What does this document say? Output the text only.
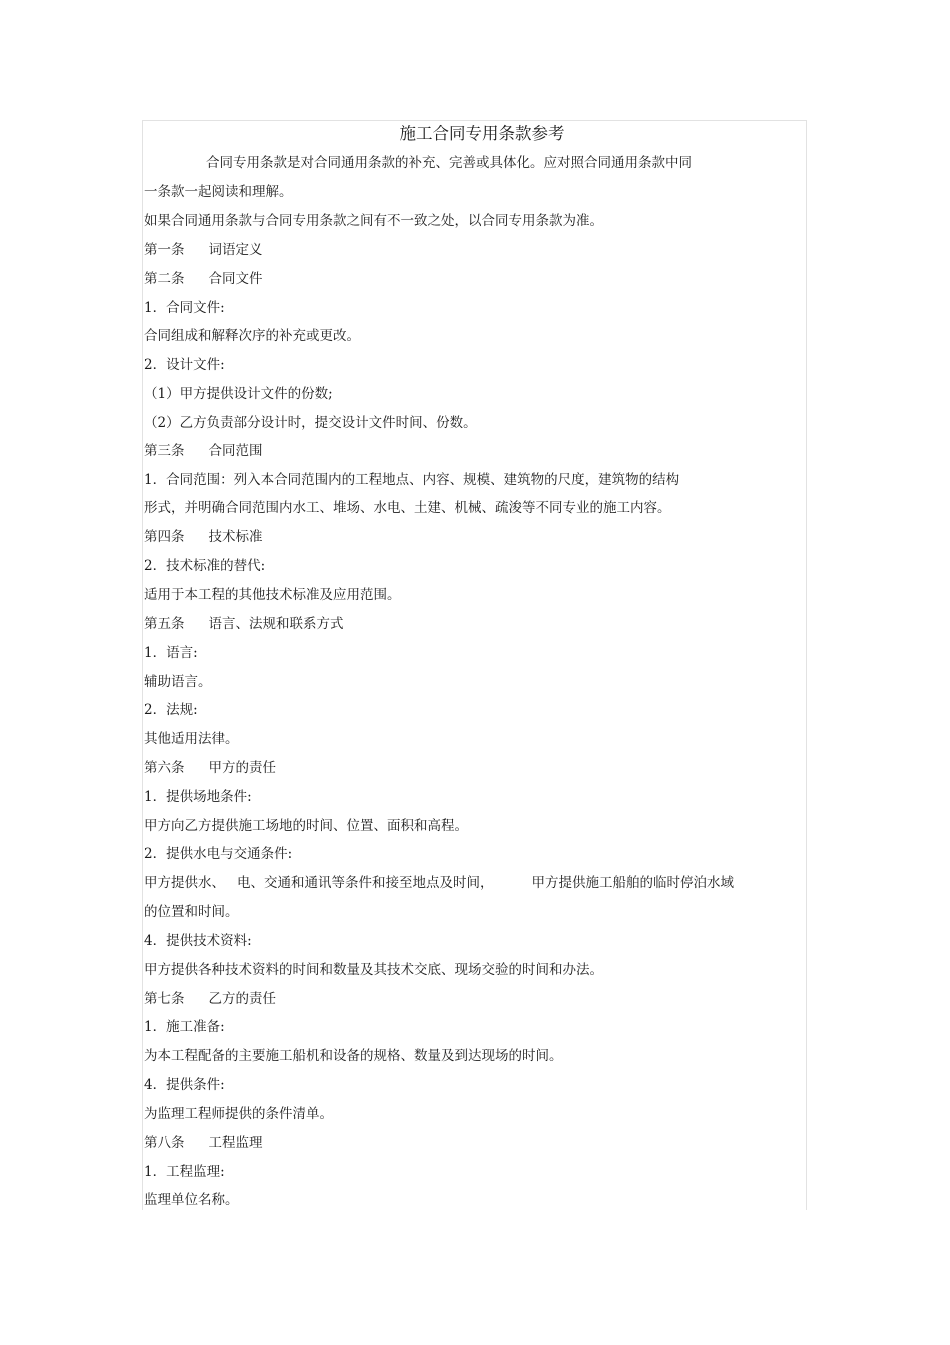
施工合同专用条款参考
合同专用条款是对合同通用条款的补充、完善或具体化。应对照合同通用条款中同
一条款一起阅读和理解。
如果合同通用条款与合同专用条款之间有不一致之处，以合同专用条款为准。
第一条 词语定义
第二条 合同文件
1．合同文件:
合同组成和解释次序的补充或更改。
2．设计文件:
（1）甲方提供设计文件的份数;
（2）乙方负责部分设计时，提交设计文件时间、份数。
第三条 合同范围
1．合同范围：列入本合同范围内的工程地点、内容、规模、建筑物的尺度，建筑物的结构
形式，并明确合同范围内水工、堆场、水电、土建、机械、疏浚等不同专业的施工内容。
第四条 技术标准
2．技术标准的替代:
适用于本工程的其他技术标准及应用范围。
第五条 语言、法规和联系方式
1．语言:
辅助语言。
2．法规:
其他适用法律。
第六条 甲方的责任
1．提供场地条件:
甲方向乙方提供施工场地的时间、位置、面积和高程。
2．提供水电与交通条件:
甲方提供水、 电、交通和通讯等条件和接至地点及时间，	甲方提供施工船舶的临时停泊水域
的位置和时间。
4．提供技术资料:
甲方提供各种技术资料的时间和数量及其技术交底、现场交验的时间和办法。
第七条 乙方的责任
1．施工准备:
为本工程配备的主要施工船机和设备的规格、数量及到达现场的时间。
4．提供条件:
为监理工程师提供的条件清单。
第八条 工程监理
1．工程监理:
监理单位名称。
